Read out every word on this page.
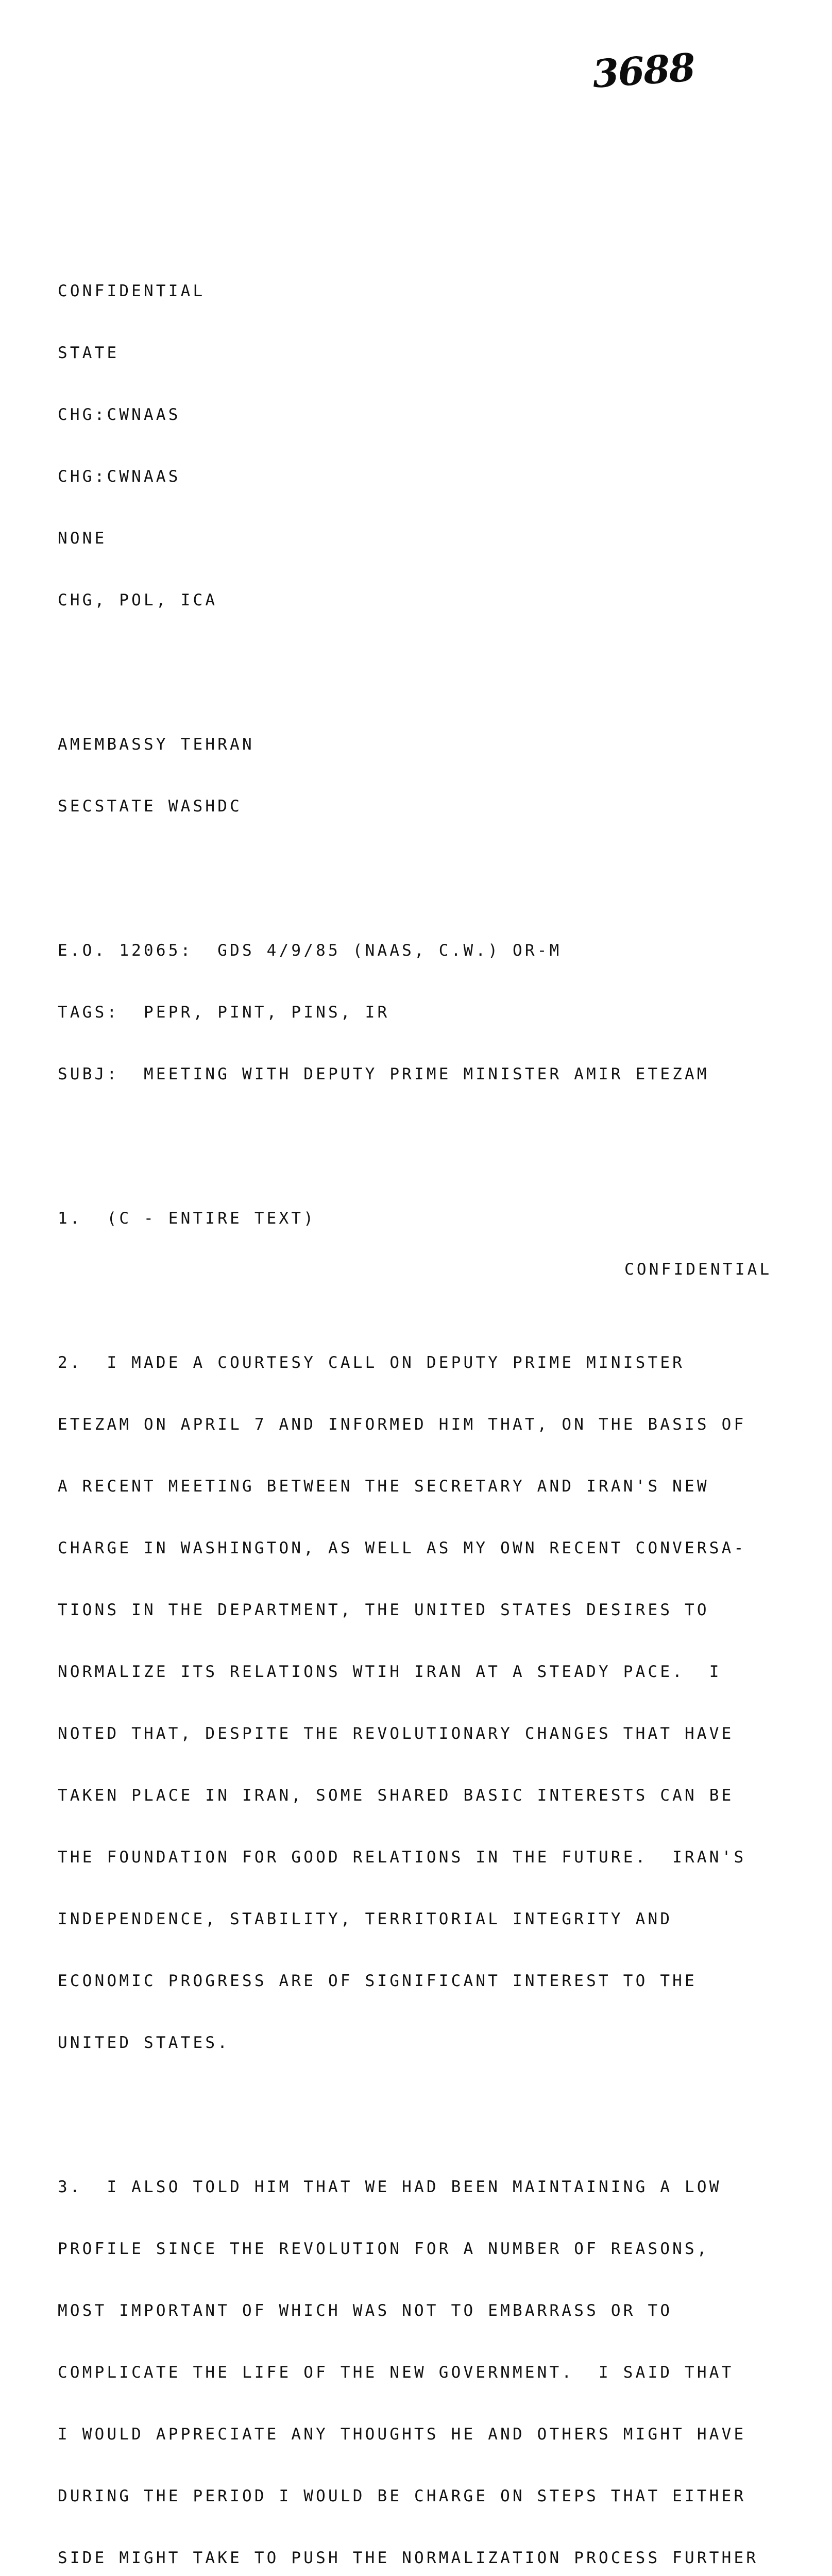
3688

CONFIDENTIAL

STATE

CHG:CWNAAS

CHG:CWNAAS

NONE

CHG, POL, ICA

AMEMBASSY TEHRAN

SECSTATE WASHDC

E.O. 12065:  GDS 4/9/85 (NAAS, C.W.) OR-M

TAGS:  PEPR, PINT, PINS, IR

SUBJ:  MEETING WITH DEPUTY PRIME MINISTER AMIR ETEZAM

1.  (C - ENTIRE TEXT)

2.  I MADE A COURTESY CALL ON DEPUTY PRIME MINISTER

ETEZAM ON APRIL 7 AND INFORMED HIM THAT, ON THE BASIS OF

A RECENT MEETING BETWEEN THE SECRETARY AND IRAN'S NEW

CHARGE IN WASHINGTON, AS WELL AS MY OWN RECENT CONVERSA-

TIONS IN THE DEPARTMENT, THE UNITED STATES DESIRES TO

NORMALIZE ITS RELATIONS WTIH IRAN AT A STEADY PACE.  I

NOTED THAT, DESPITE THE REVOLUTIONARY CHANGES THAT HAVE

TAKEN PLACE IN IRAN, SOME SHARED BASIC INTERESTS CAN BE

THE FOUNDATION FOR GOOD RELATIONS IN THE FUTURE.  IRAN'S

INDEPENDENCE, STABILITY, TERRITORIAL INTEGRITY AND

ECONOMIC PROGRESS ARE OF SIGNIFICANT INTEREST TO THE

UNITED STATES.

3.  I ALSO TOLD HIM THAT WE HAD BEEN MAINTAINING A LOW

PROFILE SINCE THE REVOLUTION FOR A NUMBER OF REASONS,

MOST IMPORTANT OF WHICH WAS NOT TO EMBARRASS OR TO

COMPLICATE THE LIFE OF THE NEW GOVERNMENT.  I SAID THAT

I WOULD APPRECIATE ANY THOUGHTS HE AND OTHERS MIGHT HAVE

DURING THE PERIOD I WOULD BE CHARGE ON STEPS THAT EITHER

SIDE MIGHT TAKE TO PUSH THE NORMALIZATION PROCESS FURTHER

CONFIDENTIAL
